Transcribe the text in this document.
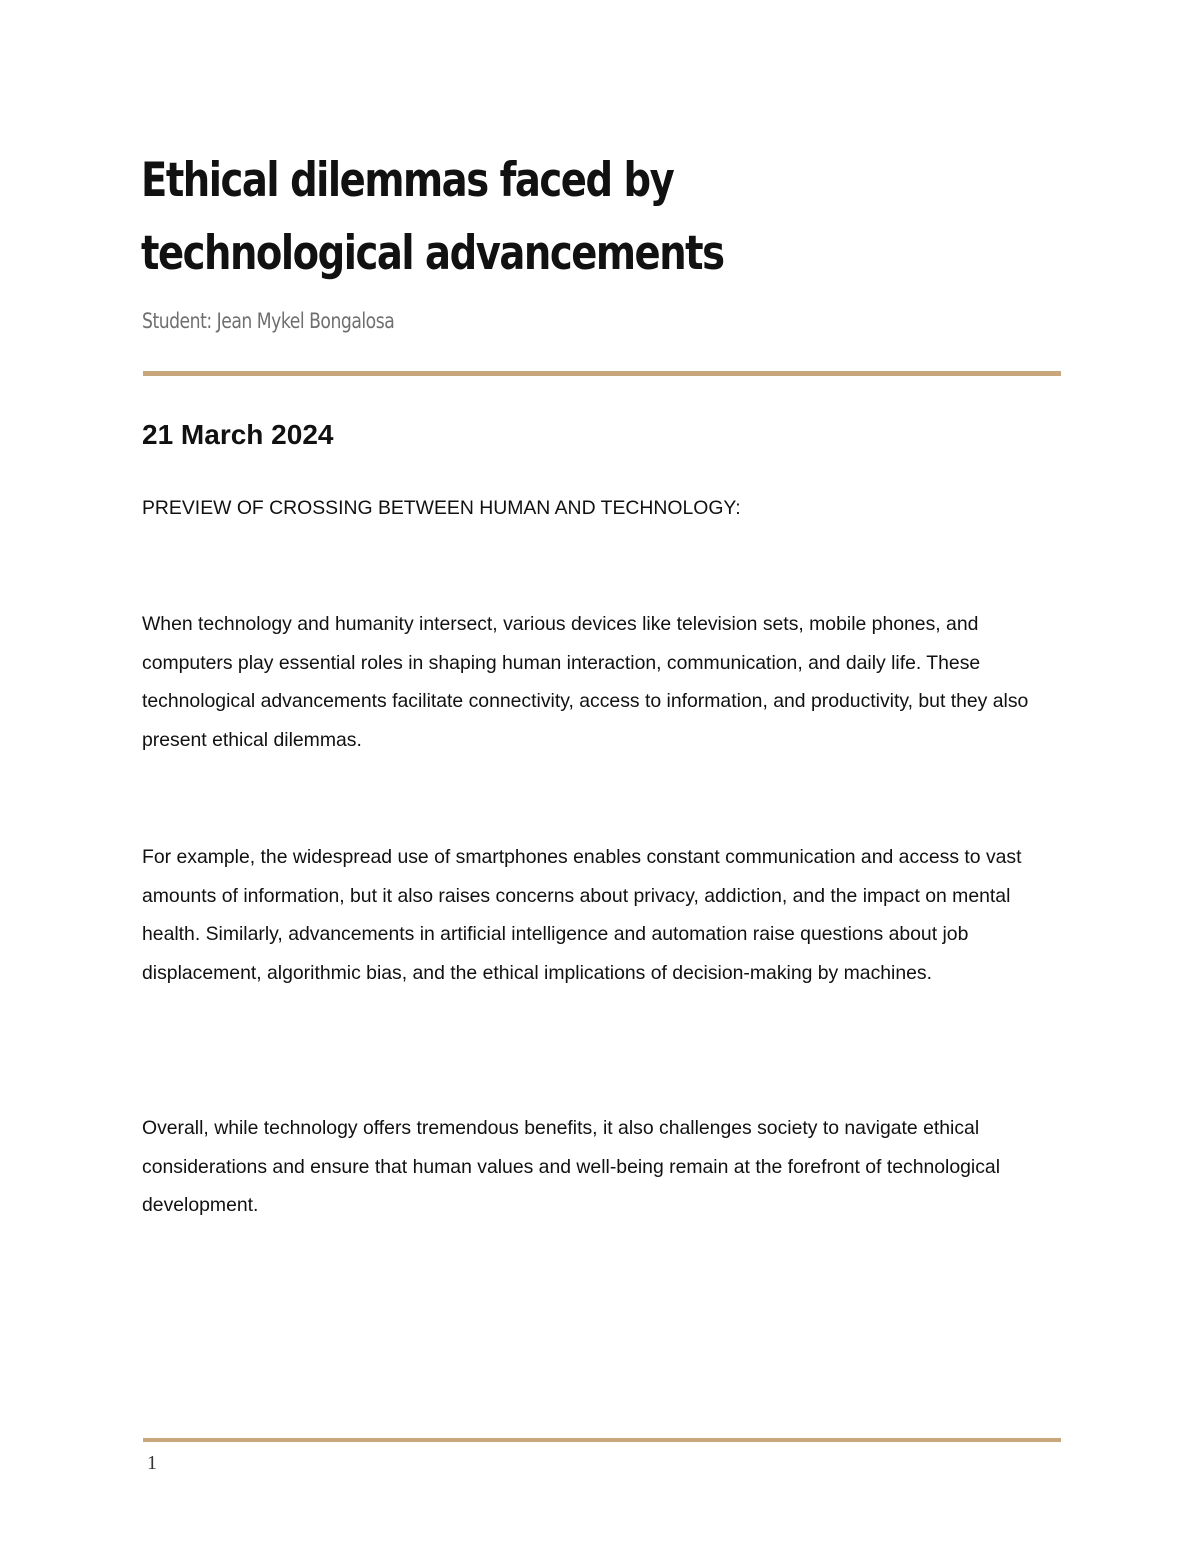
Ethical dilemmas faced by technological advancements

Student: Jean Mykel Bongalosa

21 March 2024

PREVIEW OF CROSSING BETWEEN HUMAN AND TECHNOLOGY:

When technology and humanity intersect, various devices like television sets, mobile phones, and computers play essential roles in shaping human interaction, communication, and daily life. These technological advancements facilitate connectivity, access to information, and productivity, but they also present ethical dilemmas.

For example, the widespread use of smartphones enables constant communication and access to vast amounts of information, but it also raises concerns about privacy, addiction, and the impact on mental health. Similarly, advancements in artificial intelligence and automation raise questions about job displacement, algorithmic bias, and the ethical implications of decision-making by machines.

Overall, while technology offers tremendous benefits, it also challenges society to navigate ethical considerations and ensure that human values and well-being remain at the forefront of technological development.

1
